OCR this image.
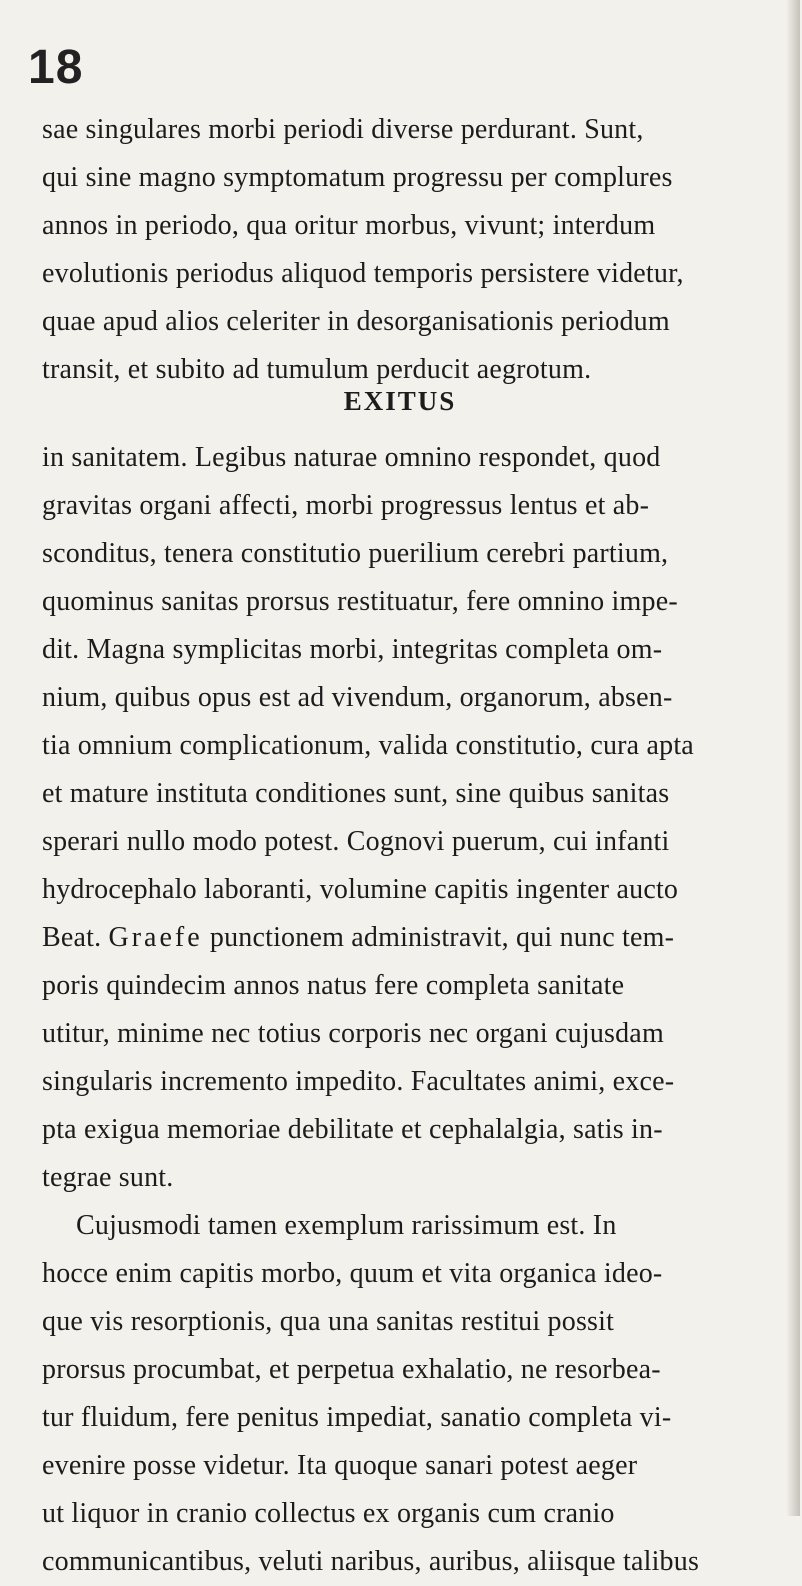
18
sae singulares morbi periodi diverse perdurant. Sunt,
qui sine magno symptomatum progressu per complures
annos in periodo, qua oritur morbus, vivunt; interdum
evolutionis periodus aliquod temporis persistere videtur,
quae apud alios celeriter in desorganisationis periodum
transit, et subito ad tumulum perducit aegrotum.
EXITUS
in sanitatem. Legibus naturae omnino respondet, quod
gravitas organi affecti, morbi progressus lentus et ab-
sconditus, tenera constitutio puerilium cerebri partium,
quominus sanitas prorsus restituatur, fere omnino impe-
dit. Magna symplicitas morbi, integritas completa om-
nium, quibus opus est ad vivendum, organorum, absen-
tia omnium complicationum, valida constitutio, cura apta
et mature instituta conditiones sunt, sine quibus sanitas
sperari nullo modo potest. Cognovi puerum, cui infanti
hydrocephalo laboranti, volumine capitis ingenter aucto
Beat. Graefe punctionem administravit, qui nunc tem-
poris quindecim annos natus fere completa sanitate
utitur, minime nec totius corporis nec organi cujusdam
singularis incremento impedito. Facultates animi, exce-
pta exigua memoriae debilitate et cephalalgia, satis in-
tegrae sunt.
Cujusmodi tamen exemplum rarissimum est. In
hocce enim capitis morbo, quum et vita organica ideo-
que vis resorptionis, qua una sanitas restitui possit
prorsus procumbat, et perpetua exhalatio, ne resorbea-
tur fluidum, fere penitus impediat, sanatio completa vi-
evenire posse videtur. Ita quoque sanari potest aeger
ut liquor in cranio collectus ex organis cum cranio
communicantibus, veluti naribus, auribus, aliisque talibus
